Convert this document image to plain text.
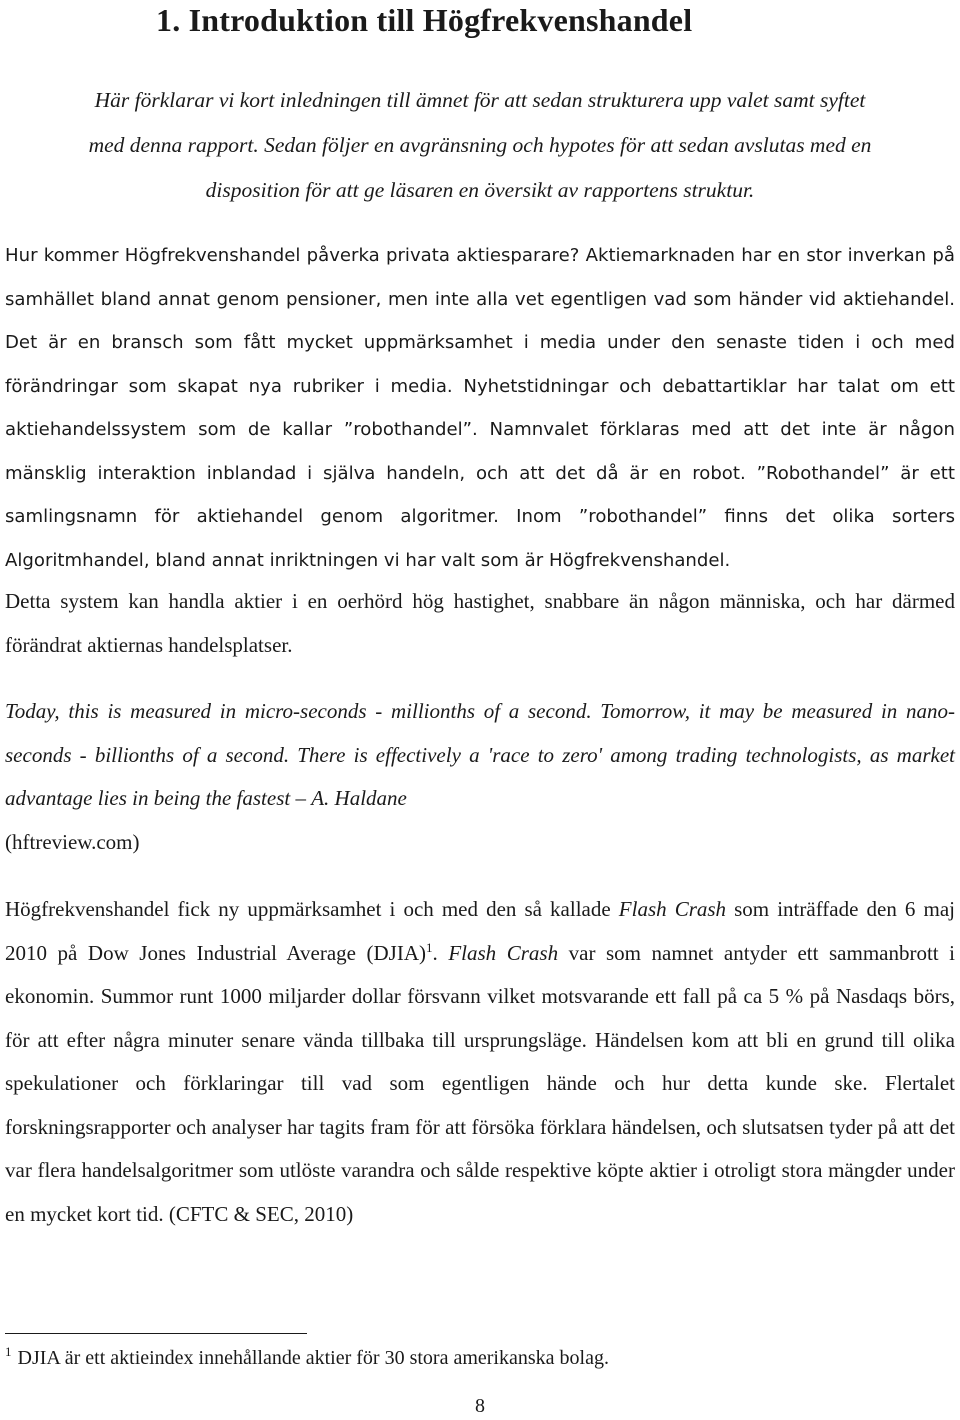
1. Introduktion till Högfrekvenshandel

Här förklarar vi kort inledningen till ämnet för att sedan strukturera upp valet samt syftet
med denna rapport. Sedan följer en avgränsning och hypotes för att sedan avslutas med en
disposition för att ge läsaren en översikt av rapportens struktur.

Hur kommer Högfrekvenshandel påverka privata aktiesparare? Aktiemarknaden har en stor inverkan på samhället bland annat genom pensioner, men inte alla vet egentligen vad som händer vid aktiehandel. Det är en bransch som fått mycket uppmärksamhet i media under den senaste tiden i och med förändringar som skapat nya rubriker i media. Nyhetstidningar och debattartiklar har talat om ett aktiehandelssystem som de kallar ”robothandel”. Namnvalet förklaras med att det inte är någon mänsklig interaktion inblandad i själva handeln, och att det då är en robot. ”Robothandel” är ett samlingsnamn för aktiehandel genom algoritmer. Inom ”robothandel” finns det olika sorters Algoritmhandel, bland annat inriktningen vi har valt som är Högfrekvenshandel.

Detta system kan handla aktier i en oerhörd hög hastighet, snabbare än någon människa, och har därmed förändrat aktiernas handelsplatser.

Today, this is measured in micro-seconds - millionths of a second. Tomorrow, it may be measured in nano-seconds - billionths of a second. There is effectively a 'race to zero' among trading technologists, as market advantage lies in being the fastest – A. Haldane
(hftreview.com)

Högfrekvenshandel fick ny uppmärksamhet i och med den så kallade Flash Crash som inträffade den 6 maj 2010 på Dow Jones Industrial Average (DJIA)$^1$. Flash Crash var som namnet antyder ett sammanbrott i ekonomin. Summor runt 1000 miljarder dollar försvann vilket motsvarande ett fall på ca 5 % på Nasdaqs börs, för att efter några minuter senare vända tillbaka till ursprungsläge. Händelsen kom att bli en grund till olika spekulationer och förklaringar till vad som egentligen hände och hur detta kunde ske. Flertalet forskningsrapporter och analyser har tagits fram för att försöka förklara händelsen, och slutsatsen tyder på att det var flera handelsalgoritmer som utlöste varandra och sålde respektive köpte aktier i otroligt stora mängder under en mycket kort tid. (CFTC & SEC, 2010)

$^1$ DJIA är ett aktieindex innehållande aktier för 30 stora amerikanska bolag.

8
